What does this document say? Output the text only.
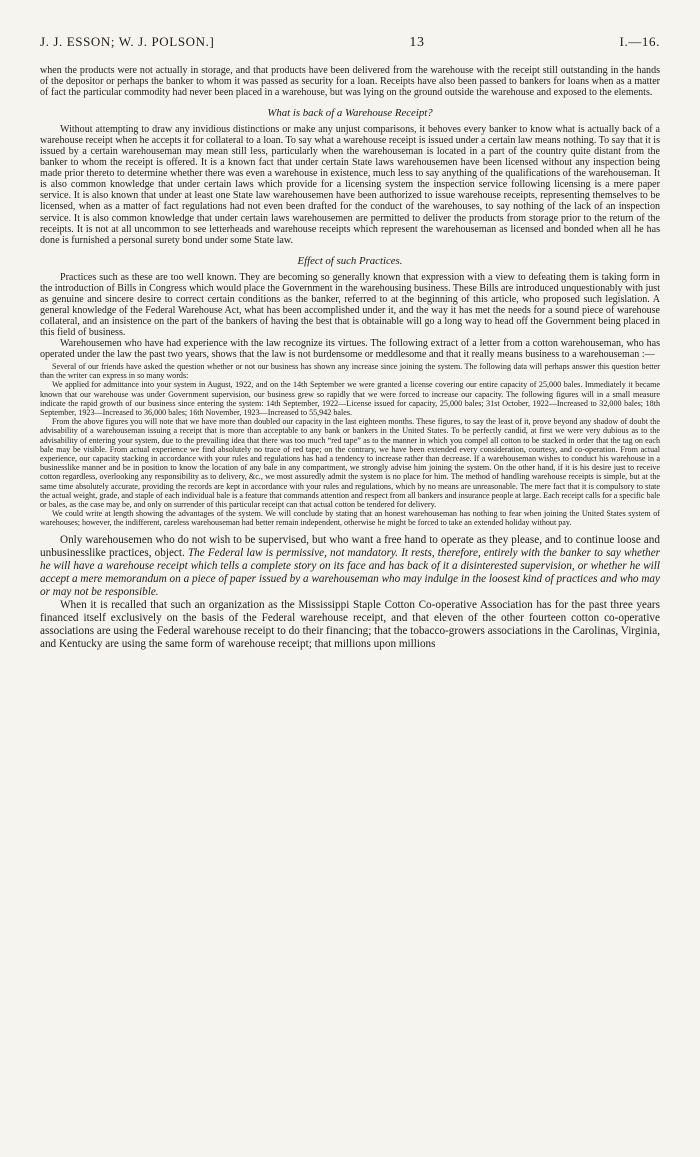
J. J. ESSON; W. J. POLSON.]	13	I.—16.

when the products were not actually in storage, and that products have been delivered from the warehouse with the receipt still outstanding in the hands of the depositor or perhaps the banker to whom it was passed as security for a loan. Receipts have also been passed to bankers for loans when as a matter of fact the particular commodity had never been placed in a warehouse, but was lying on the ground outside the warehouse and exposed to the elements.

What is back of a Warehouse Receipt?

Without attempting to draw any invidious distinctions or make any unjust comparisons, it behoves every banker to know what is actually back of a warehouse receipt when he accepts it for collateral to a loan. To say what a warehouse receipt is issued under a certain law means nothing. To say that it is issued by a certain warehouseman may mean still less, particularly when the warehouseman is located in a part of the country quite distant from the banker to whom the receipt is offered. It is a known fact that under certain State laws warehousemen have been licensed without any inspection being made prior thereto to determine whether there was even a warehouse in existence, much less to say anything of the qualifications of the warehouseman. It is also common knowledge that under certain laws which provide for a licensing system the inspection service following licensing is a mere paper service. It is also known that under at least one State law warehousemen have been authorized to issue warehouse receipts, representing themselves to be licensed, when as a matter of fact regulations had not even been drafted for the conduct of the warehouses, to say nothing of the lack of an inspection service. It is also common knowledge that under certain laws warehousemen are permitted to deliver the products from storage prior to the return of the receipts. It is not at all uncommon to see letterheads and warehouse receipts which represent the warehouseman as licensed and bonded when all he has done is furnished a personal surety bond under some State law.

Effect of such Practices.

Practices such as these are too well known. They are becoming so generally known that expression with a view to defeating them is taking form in the introduction of Bills in Congress which would place the Government in the warehousing business. These Bills are introduced unquestionably with just as genuine and sincere desire to correct certain conditions as the banker, referred to at the beginning of this article, who proposed such legislation. A general knowledge of the Federal Warehouse Act, what has been accomplished under it, and the way it has met the needs for a sound piece of warehouse collateral, and an insistence on the part of the bankers of having the best that is obtainable will go a long way to head off the Government being placed in this field of business.

Warehousemen who have had experience with the law recognize its virtues. The following extract of a letter from a cotton warehouseman, who has operated under the law the past two years, shows that the law is not burdensome or meddlesome and that it really means business to a warehouseman :—

Several of our friends have asked the question whether or not our business has shown any increase since joining the system. The following data will perhaps answer this question better than the writer can express in so many words:

We applied for admittance into your system in August, 1922, and on the 14th September we were granted a license covering our entire capacity of 25,000 bales. Immediately it became known that our warehouse was under Government supervision, our business grew so rapidly that we were forced to increase our capacity. The following figures will in a small measure indicate the rapid growth of our business since entering the system: 14th September, 1922—License issued for capacity, 25,000 bales; 31st October, 1922—Increased to 32,000 bales; 18th September, 1923—Increased to 36,000 bales; 16th November, 1923—Increased to 55,942 bales.

From the above figures you will note that we have more than doubled our capacity in the last eighteen months. These figures, to say the least of it, prove beyond any shadow of doubt the advisability of a warehouseman issuing a receipt that is more than acceptable to any bank or bankers in the United States. To be perfectly candid, at first we were very dubious as to the advisability of entering your system, due to the prevailing idea that there was too much “red tape” as to the manner in which you compel all cotton to be stacked in order that the tag on each bale may be visible. From actual experience we find absolutely no trace of red tape; on the contrary, we have been extended every consideration, courtesy, and co-operation. From actual experience, our capacity stacking in accordance with your rules and regulations has had a tendency to increase rather than decrease. If a warehouseman wishes to conduct his warehouse in a businesslike manner and be in position to know the location of any bale in any compartment, we strongly advise him joining the system. On the other hand, if it is his desire just to receive cotton regardless, overlooking any responsibility as to delivery, &c., we most assuredly admit the system is no place for him. The method of handling warehouse receipts is simple, but at the same time absolutely accurate, providing the records are kept in accordance with your rules and regulations, which by no means are unreasonable. The mere fact that it is compulsory to state the actual weight, grade, and staple of each individual bale is a feature that commands attention and respect from all bankers and insurance people at large. Each receipt calls for a specific bale or bales, as the case may be, and only on surrender of this particular receipt can that actual cotton be tendered for delivery.

We could write at length showing the advantages of the system. We will conclude by stating that an honest warehouseman has nothing to fear when joining the United States system of warehouses; however, the indifferent, careless warehouseman had better remain independent, otherwise he might be forced to take an extended holiday without pay.

Only warehousemen who do not wish to be supervised, but who want a free hand to operate as they please, and to continue loose and unbusinesslike practices, object. The Federal law is permissive, not mandatory. It rests, therefore, entirely with the banker to say whether he will have a warehouse receipt which tells a complete story on its face and has back of it a disinterested supervision, or whether he will accept a mere memorandum on a piece of paper issued by a warehouseman who may indulge in the loosest kind of practices and who may or may not be responsible.

When it is recalled that such an organization as the Mississippi Staple Cotton Co-operative Association has for the past three years financed itself exclusively on the basis of the Federal warehouse receipt, and that eleven of the other fourteen cotton co-operative associations are using the Federal warehouse receipt to do their financing; that the tobacco-growers associations in the Carolinas, Virginia, and Kentucky are using the same form of warehouse receipt; that millions upon millions
